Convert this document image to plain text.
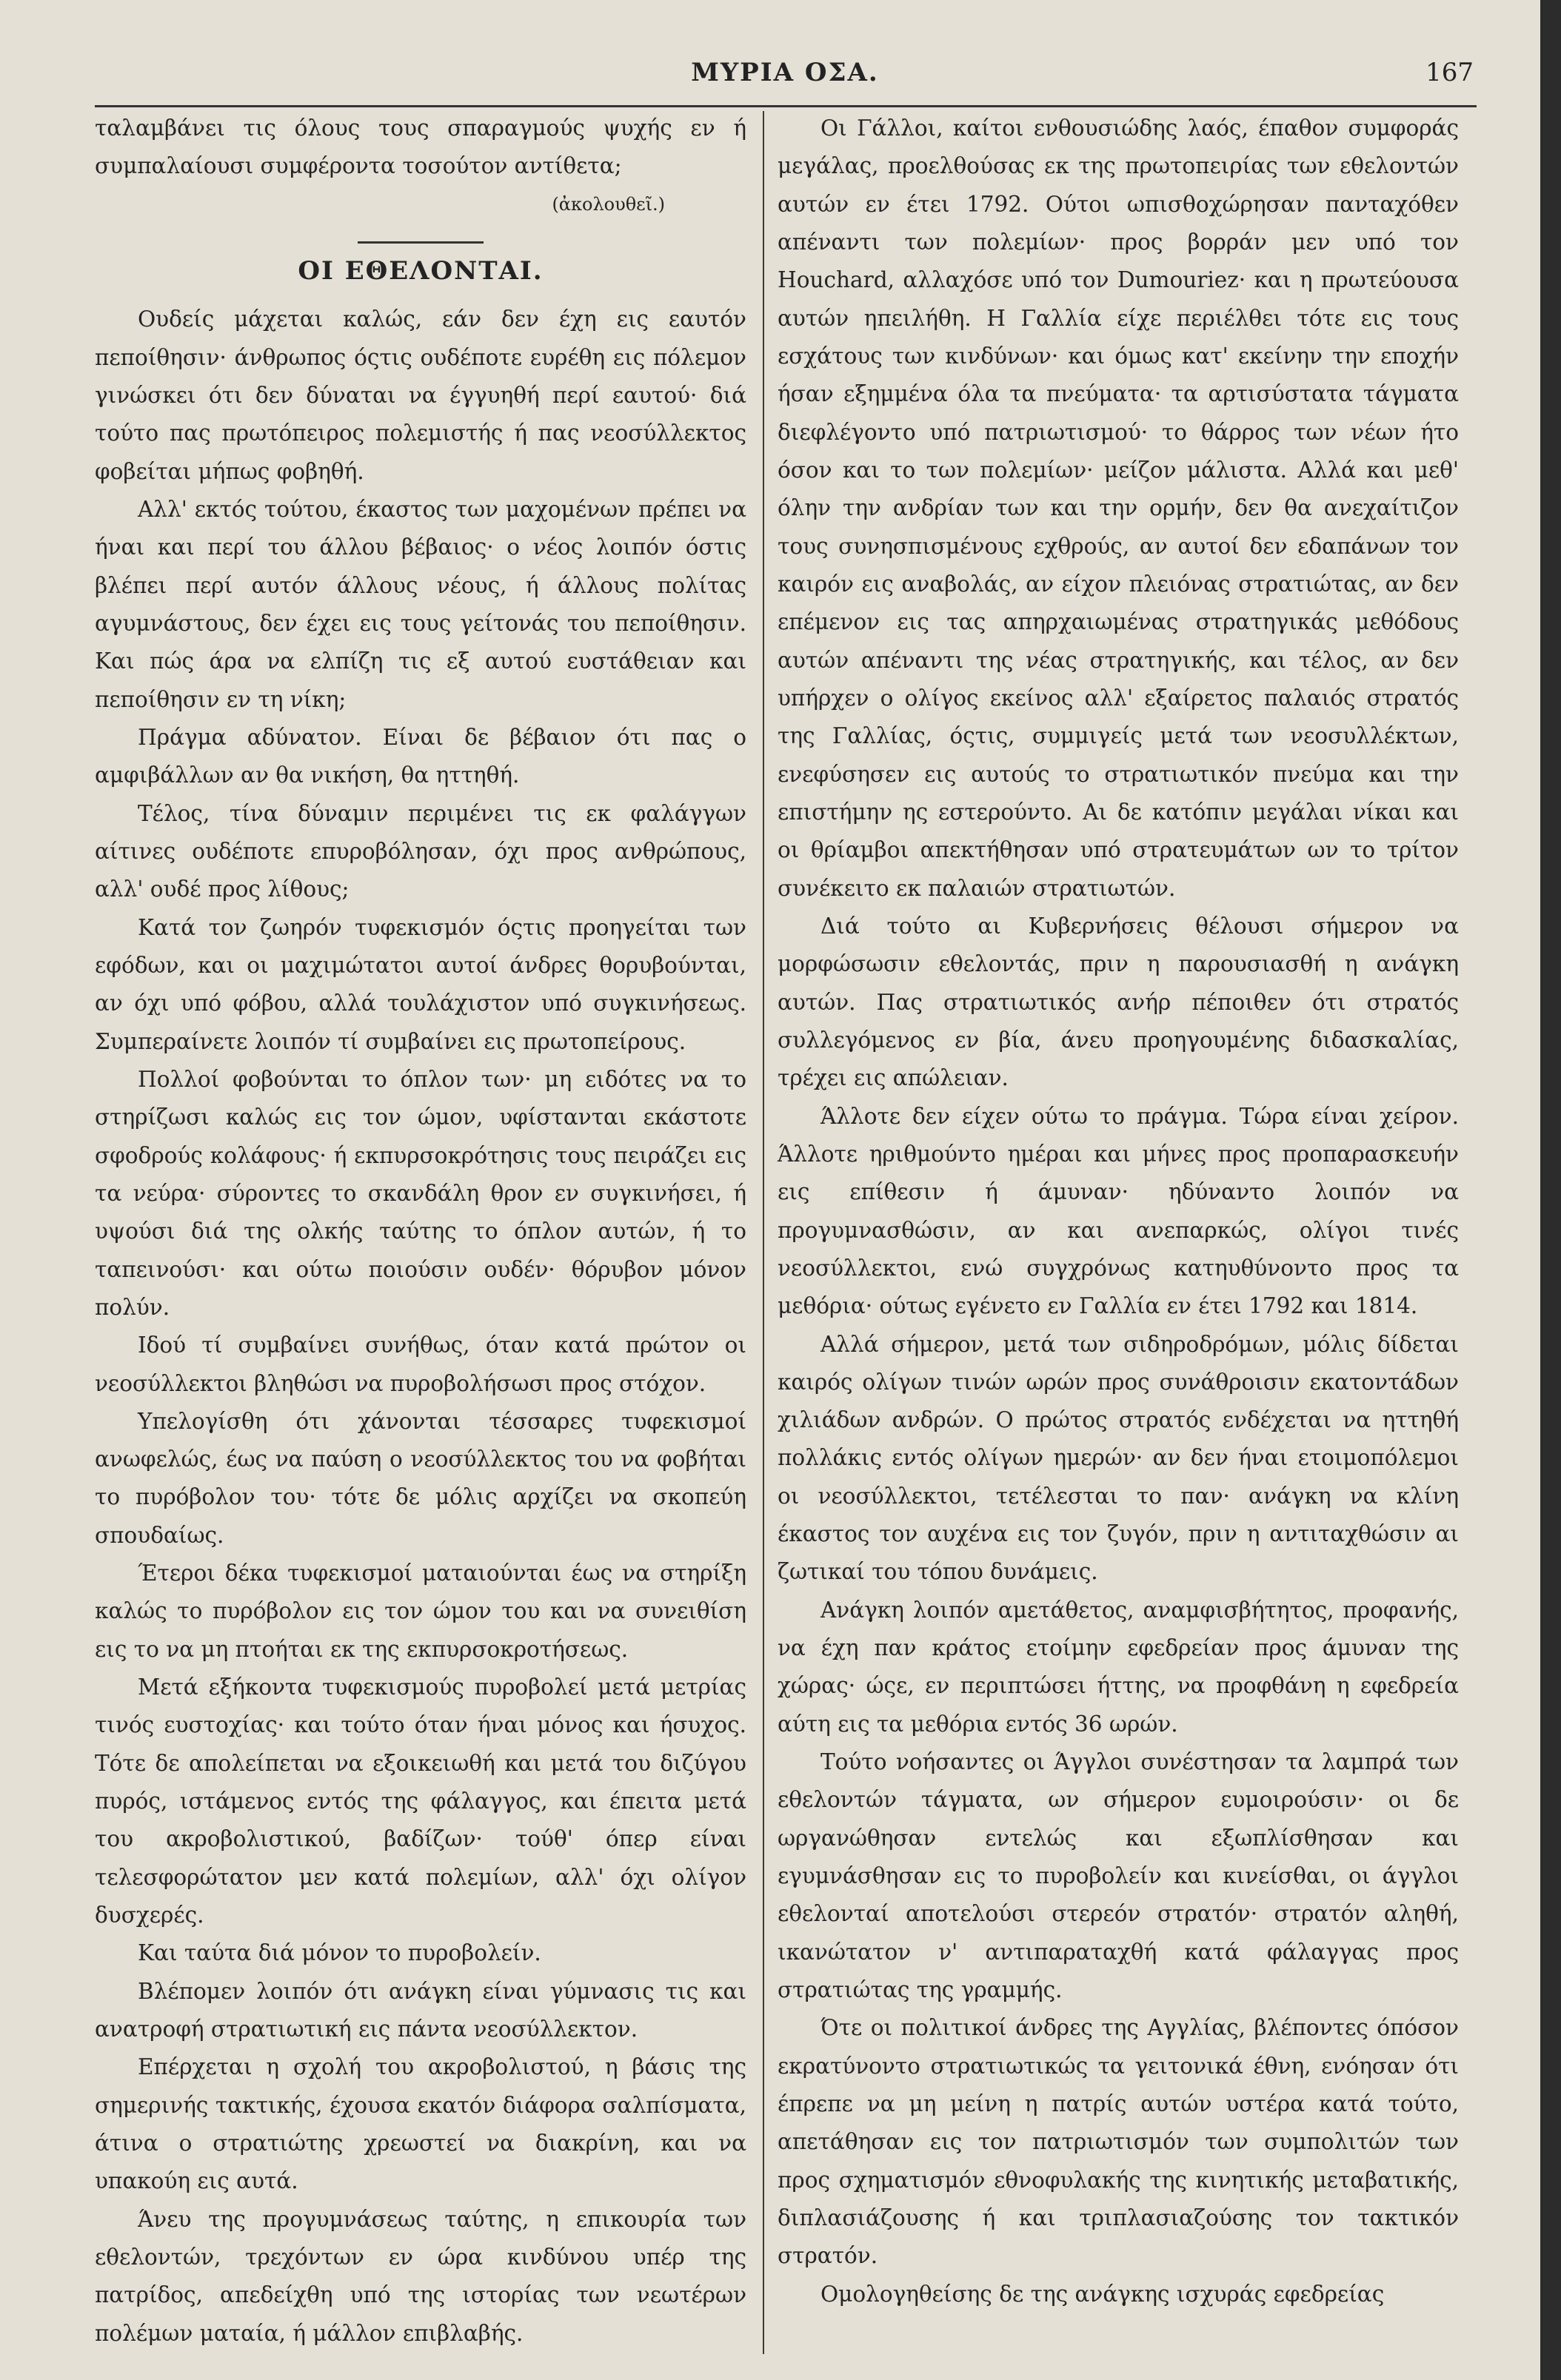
ΜΥΡΙΑ ΟΣΑ.	167

ταλαμβάνει τις όλους τους σπαραγμούς ψυχής εν ή συμπαλαίουσι συμφέροντα τοσούτον αντίθετα;

(ἀκολουθεῖ.)

ΟΙ ΕΘΕΛΟΝΤΑΙ.

Ουδείς μάχεται καλώς, εάν δεν έχη εις εαυτόν πεποίθησιν· άνθρωπος όςτις ουδέποτε ευρέθη εις πόλεμον γινώσκει ότι δεν δύναται να έγγυηθή περί εαυτού· διά τούτο πας πρωτόπειρος πολεμιστής ή πας νεοσύλλεκτος φοβείται μήπως φοβηθή.

Αλλ' εκτός τούτου, έκαστος των μαχομένων πρέπει να ήναι και περί του άλλου βέβαιος· ο νέος λοιπόν όστις βλέπει περί αυτόν άλλους νέους, ή άλλους πολίτας αγυμνάστους, δεν έχει εις τους γείτονάς του πεποίθησιν. Και πώς άρα να ελπίζη τις εξ αυτού ευστάθειαν και πεποίθησιν εν τη νίκη;

Πράγμα αδύνατον. Είναι δε βέβαιον ότι πας ο αμφιβάλλων αν θα νικήση, θα ηττηθή.

Τέλος, τίνα δύναμιν περιμένει τις εκ φαλάγγων αίτινες ουδέποτε επυροβόλησαν, όχι προς ανθρώπους, αλλ' ουδέ προς λίθους;

Κατά τον ζωηρόν τυφεκισμόν όςτις προηγείται των εφόδων, και οι μαχιμώτατοι αυτοί άνδρες θορυβούνται, αν όχι υπό φόβου, αλλά τουλάχιστον υπό συγκινήσεως. Συμπεραίνετε λοιπόν τί συμβαίνει εις πρωτοπείρους.

Πολλοί φοβούνται το όπλον των· μη ειδότες να το στηρίζωσι καλώς εις τον ώμον, υφίστανται εκάστοτε σφοδρούς κολάφους· ή εκπυρσοκρότησις τους πειράζει εις τα νεύρα· σύροντες το σκανδάλη θρον εν συγκινήσει, ή υψούσι διά της ολκής ταύτης το όπλον αυτών, ή το ταπεινούσι· και ούτω ποιούσιν ουδέν· θόρυβον μόνον πολύν.

Ιδού τί συμβαίνει συνήθως, όταν κατά πρώτον οι νεοσύλλεκτοι βληθώσι να πυροβολήσωσι προς στόχον.

Υπελογίσθη ότι χάνονται τέσσαρες τυφεκισμοί ανωφελώς, έως να παύση ο νεοσύλλεκτος του να φοβήται το πυρόβολον του· τότε δε μόλις αρχίζει να σκοπεύη σπουδαίως.

Έτεροι δέκα τυφεκισμοί ματαιούνται έως να στηρίξη καλώς το πυρόβολον εις τον ώμον του και να συνειθίση εις το να μη πτοήται εκ της εκπυρσοκροτήσεως.

Μετά εξήκοντα τυφεκισμούς πυροβολεί μετά μετρίας τινός ευστοχίας· και τούτο όταν ήναι μόνος και ήσυχος. Τότε δε απολείπεται να εξοικειωθή και μετά του διζύγου πυρός, ιστάμενος εντός της φάλαγγος, και έπειτα μετά του ακροβολιστικού, βαδίζων· τούθ' όπερ είναι τελεσφορώτατον μεν κατά πολεμίων, αλλ' όχι ολίγον δυσχερές.

Και ταύτα διά μόνον το πυροβολείν.

Βλέπομεν λοιπόν ότι ανάγκη είναι γύμνασις τις και ανατροφή στρατιωτική εις πάντα νεοσύλλεκτον.

Επέρχεται η σχολή του ακροβολιστού, η βάσις της σημερινής τακτικής, έχουσα εκατόν διάφορα σαλπίσματα, άτινα ο στρατιώτης χρεωστεί να διακρίνη, και να υπακούη εις αυτά.

Άνευ της προγυμνάσεως ταύτης, η επικουρία των εθελοντών, τρεχόντων εν ώρα κινδύνου υπέρ της πατρίδος, απεδείχθη υπό της ιστορίας των νεωτέρων πολέμων ματαία, ή μάλλον επιβλαβής.

Οι Γάλλοι, καίτοι ενθουσιώδης λαός, έπαθον συμφοράς μεγάλας, προελθούσας εκ της πρωτοπειρίας των εθελοντών αυτών εν έτει 1792. Ούτοι ωπισθοχώρησαν πανταχόθεν απέναντι των πολεμίων· προς βορράν μεν υπό τον Houchard, αλλαχόσε υπό τον Dumouriez· και η πρωτεύουσα αυτών ηπειλήθη. Η Γαλλία είχε περιέλθει τότε εις τους εσχάτους των κινδύνων· και όμως κατ' εκείνην την εποχήν ήσαν εξημμένα όλα τα πνεύματα· τα αρτισύστατα τάγματα διεφλέγοντο υπό πατριωτισμού· το θάρρος των νέων ήτο όσον και το των πολεμίων· μείζον μάλιστα. Αλλά και μεθ' όλην την ανδρίαν των και την ορμήν, δεν θα ανεχαίτιζον τους συνησπισμένους εχθρούς, αν αυτοί δεν εδαπάνων τον καιρόν εις αναβολάς, αν είχον πλειόνας στρατιώτας, αν δεν επέμενον εις τας απηρχαιωμένας στρατηγικάς μεθόδους αυτών απέναντι της νέας στρατηγικής, και τέλος, αν δεν υπήρχεν ο ολίγος εκείνος αλλ' εξαίρετος παλαιός στρατός της Γαλλίας, όςτις, συμμιγείς μετά των νεοσυλλέκτων, ενεφύσησεν εις αυτούς το στρατιωτικόν πνεύμα και την επιστήμην ης εστερούντο. Αι δε κατόπιν μεγάλαι νίκαι και οι θρίαμβοι απεκτήθησαν υπό στρατευμάτων ων το τρίτον συνέκειτο εκ παλαιών στρατιωτών.

Διά τούτο αι Κυβερνήσεις θέλουσι σήμερον να μορφώσωσιν εθελοντάς, πριν η παρουσιασθή η ανάγκη αυτών. Πας στρατιωτικός ανήρ πέποιθεν ότι στρατός συλλεγόμενος εν βία, άνευ προηγουμένης διδασκαλίας, τρέχει εις απώλειαν.

Άλλοτε δεν είχεν ούτω το πράγμα. Τώρα είναι χείρον. Άλλοτε ηριθμούντο ημέραι και μήνες προς προπαρασκευήν εις επίθεσιν ή άμυναν· ηδύναντο λοιπόν να προγυμνασθώσιν, αν και ανεπαρκώς, ολίγοι τινές νεοσύλλεκτοι, ενώ συγχρόνως κατηυθύνοντο προς τα μεθόρια· ούτως εγένετο εν Γαλλία εν έτει 1792 και 1814.

Αλλά σήμερον, μετά των σιδηροδρόμων, μόλις δίδεται καιρός ολίγων τινών ωρών προς συνάθροισιν εκατοντάδων χιλιάδων ανδρών. Ο πρώτος στρατός ενδέχεται να ηττηθή πολλάκις εντός ολίγων ημερών· αν δεν ήναι ετοιμοπόλεμοι οι νεοσύλλεκτοι, τετέλεσται το παν· ανάγκη να κλίνη έκαστος τον αυχένα εις τον ζυγόν, πριν η αντιταχθώσιν αι ζωτικαί του τόπου δυνάμεις.

Ανάγκη λοιπόν αμετάθετος, αναμφισβήτητος, προφανής, να έχη παν κράτος ετοίμην εφεδρείαν προς άμυναν της χώρας· ώςε, εν περιπτώσει ήττης, να προφθάνη η εφεδρεία αύτη εις τα μεθόρια εντός 36 ωρών.

Τούτο νοήσαντες οι Άγγλοι συνέστησαν τα λαμπρά των εθελοντών τάγματα, ων σήμερον ευμοιρούσιν· οι δε ωργανώθησαν εντελώς και εξωπλίσθησαν και εγυμνάσθησαν εις το πυροβολείν και κινείσθαι, οι άγγλοι εθελονταί αποτελούσι στερεόν στρατόν· στρατόν αληθή, ικανώτατον ν' αντιπαραταχθή κατά φάλαγγας προς στρατιώτας της γραμμής.

Ότε οι πολιτικοί άνδρες της Αγγλίας, βλέποντες όπόσον εκρατύνοντο στρατιωτικώς τα γειτονικά έθνη, ενόησαν ότι έπρεπε να μη μείνη η πατρίς αυτών υστέρα κατά τούτο, απετάθησαν εις τον πατριωτισμόν των συμπολιτών των προς σχηματισμόν εθνοφυλακής της κινητικής μεταβατικής, διπλασιάζουσης ή και τριπλασιαζούσης τον τακτικόν στρατόν.

Ομολογηθείσης δε της ανάγκης ισχυράς εφεδρείας
